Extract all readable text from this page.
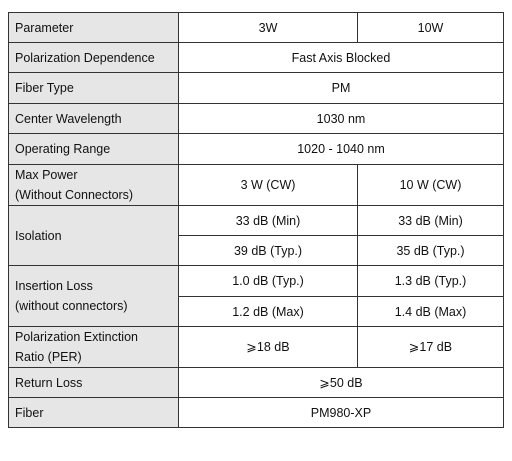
Parameter	3W	10W
Polarization Dependence	Fast Axis Blocked	
Fiber Type	PM	
Center Wavelength	1030 nm	
Operating Range	1020 - 1040 nm	

Max Power
(Without Connectors)	3 W (CW)	10 W (CW)
Isolation	33 dB (Min)	33 dB (Min)
	39 dB (Typ.)	35 dB (Typ.)

Insertion Loss
(without connectors)	1.0 dB (Typ.)	1.3 dB (Typ.)
	1.2 dB (Max)	1.4 dB (Max)

Polarization Extinction
Ratio (PER)	⩾18 dB	⩾17 dB
Return Loss	⩾50 dB	
Fiber	PM980-XP	
